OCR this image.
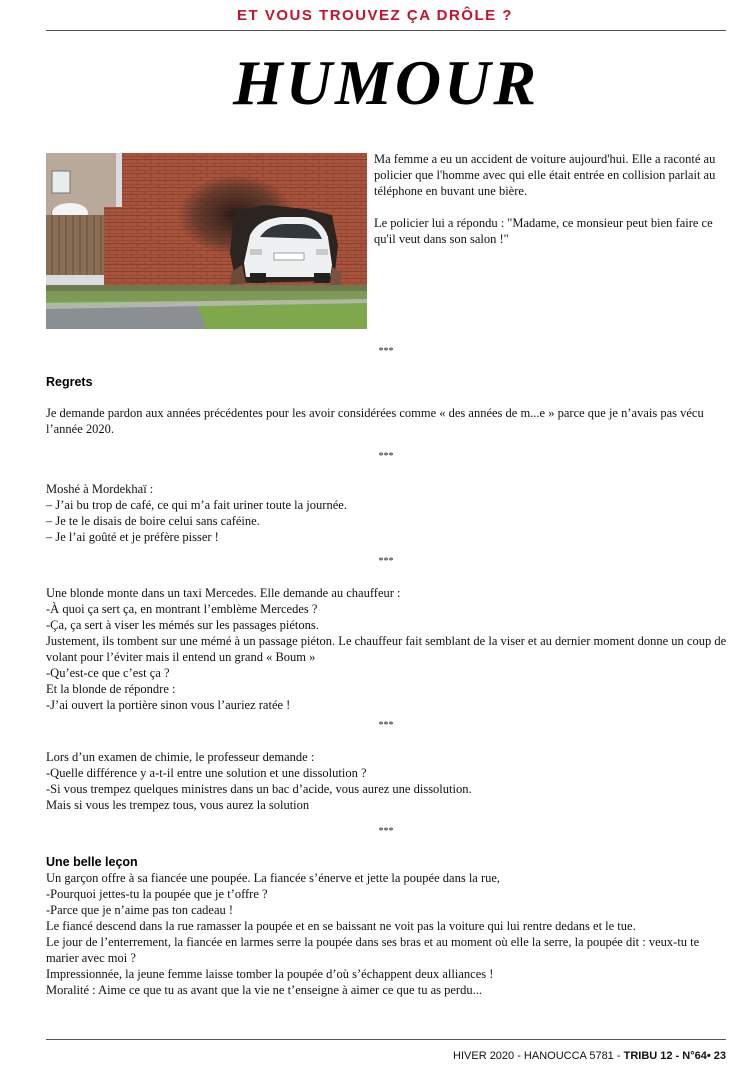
ET VOUS TROUVEZ ÇA DRÔLE ?
HUMOUR

Ma femme a eu un accident de voiture aujourd'hui. Elle a raconté au policier que l'homme avec qui elle était entrée en collision parlait au téléphone en buvant une bière.

Le policier lui a répondu : "Madame, ce monsieur peut bien faire ce qu'il veut dans son salon !"

***
Regrets

Je demande pardon aux années précédentes pour les avoir considérées comme « des années de m...e » parce que je n’avais pas vécu l’année 2020.

***

Moshé à Mordekhaï :

– J’ai bu trop de café, ce qui m’a fait uriner toute la journée.

– Je te le disais de boire celui sans caféine.

– Je l’ai goûté et je préfère pisser !

***

Une blonde monte dans un taxi Mercedes. Elle demande au chauffeur :

-À quoi ça sert ça, en montrant l’emblème Mercedes ?

-Ça, ça sert à viser les mémés sur les passages piétons.

Justement, ils tombent sur une mémé à un passage piéton. Le chauffeur fait semblant de la viser et au dernier moment donne un coup de volant pour l’éviter mais il entend un grand « Boum »

-Qu’est-ce que c’est ça ?

Et la blonde de répondre :

-J’ai ouvert la portière sinon vous l’auriez ratée !

***

Lors d’un examen de chimie, le professeur demande :

-Quelle différence y a-t-il entre une solution et une dissolution ?

-Si vous trempez quelques ministres dans un bac d’acide, vous aurez une dissolution.

Mais si vous les trempez tous, vous aurez la solution

***
Une belle leçon

Un garçon offre à sa fiancée une poupée. La fiancée s’énerve et jette la poupée dans la rue,

-Pourquoi jettes-tu la poupée que je t’offre ?

-Parce que je n’aime pas ton cadeau !

Le fiancé descend dans la rue ramasser la poupée et en se baissant ne voit pas la voiture qui lui rentre dedans et le tue.

Le jour de l’enterrement, la fiancée en larmes serre la poupée dans ses bras et au moment où elle la serre, la poupée dit : veux-tu te marier avec moi ?

Impressionnée, la jeune femme laisse tomber la poupée d’où s’échappent deux alliances !

Moralité : Aime ce que tu as avant que la vie ne t’enseigne à aimer ce que tu as perdu...

HIVER 2020 - HANOUCCA 5781 - TRIBU 12 - N°64• 23
